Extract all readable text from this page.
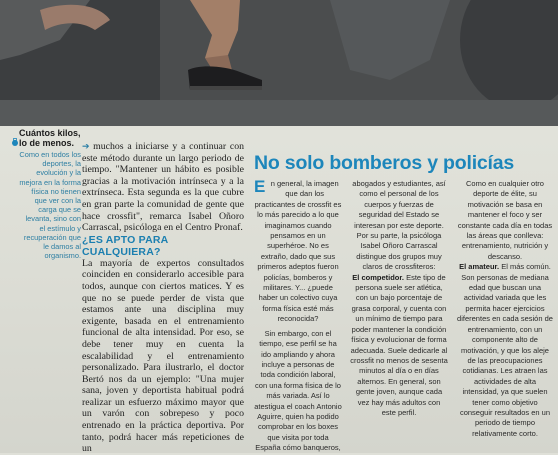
Cuántos kilos, lo de menos.

Como en todos los deportes, la evolución y la mejora en la forma física no tienen que ver con la carga que se levanta, sino con el estímulo y recuperación que le damos al organismo.

➔ muchos a iniciarse y a continuar con este método durante un largo periodo de tiempo. "Mantener un hábito es posible gracias a la motivación intrínseca y a la extrínseca. Esta segunda es la que cubre en gran parte la comunidad de gente que hace crossfit", remarca Isabel Oñoro Carrascal, psicóloga en el Centro Pronaf.

¿ES APTO PARA CUALQUIERA?

La mayoría de expertos consultados coinciden en considerarlo accesible para todos, aunque con ciertos matices. Y es que no se puede perder de vista que estamos ante una disciplina muy exigente, basada en el entrenamiento funcional de alta intensidad. Por eso, se debe tener muy en cuenta la escalabilidad y el entrenamiento personalizado. Para ilustrarlo, el doctor Bertó nos da un ejemplo: "Una mujer sana, joven y deportista habitual podrá realizar un esfuerzo máximo mayor que un varón con sobrepeso y poco entrenado en la práctica deportiva. Por tanto, podrá hacer más repeticiones de un

No solo bomberos y policías

En general, la imagen que dan los practicantes de crossfit es lo más parecido a lo que imaginamos cuando pensamos en un superhéroe. No es extraño, dado que sus primeros adeptos fueron policías, bomberos y militares. Y... ¿puede haber un colectivo cuya forma física esté más reconocida?

Sin embargo, con el tiempo, ese perfil se ha ido ampliando y ahora incluye a personas de toda condición laboral, con una forma física de lo más variada. Así lo atestigua el coach Antonio Aguirre, quien ha podido comprobar en los boxes que visita por toda España cómo banqueros,

abogados y estudiantes, así como el personal de los cuerpos y fuerzas de seguridad del Estado se interesan por este deporte. Por su parte, la psicóloga Isabel Oñoro Carrascal distingue dos grupos muy claros de crossfiteros:

El competidor. Este tipo de persona suele ser atlética, con un bajo porcentaje de grasa corporal, y cuenta con un mínimo de tiempo para poder mantener la condición física y evolucionar de forma adecuada. Suele dedicarle al crossfit no menos de sesenta minutos al día o en días alternos. En general, son gente joven, aunque cada vez hay más adultos con este perfil.

Como en cualquier otro deporte de élite, su motivación se basa en mantener el foco y ser constante cada día en todas las áreas que conlleva: entrenamiento, nutrición y descanso.

El amateur. El más común. Son personas de mediana edad que buscan una actividad variada que les permita hacer ejercicios diferentes en cada sesión de entrenamiento, con un componente alto de motivación, y que los aleje de las preocupaciones cotidianas. Les atraen las actividades de alta intensidad, ya que suelen tener como objetivo conseguir resultados en un periodo de tiempo relativamente corto.
